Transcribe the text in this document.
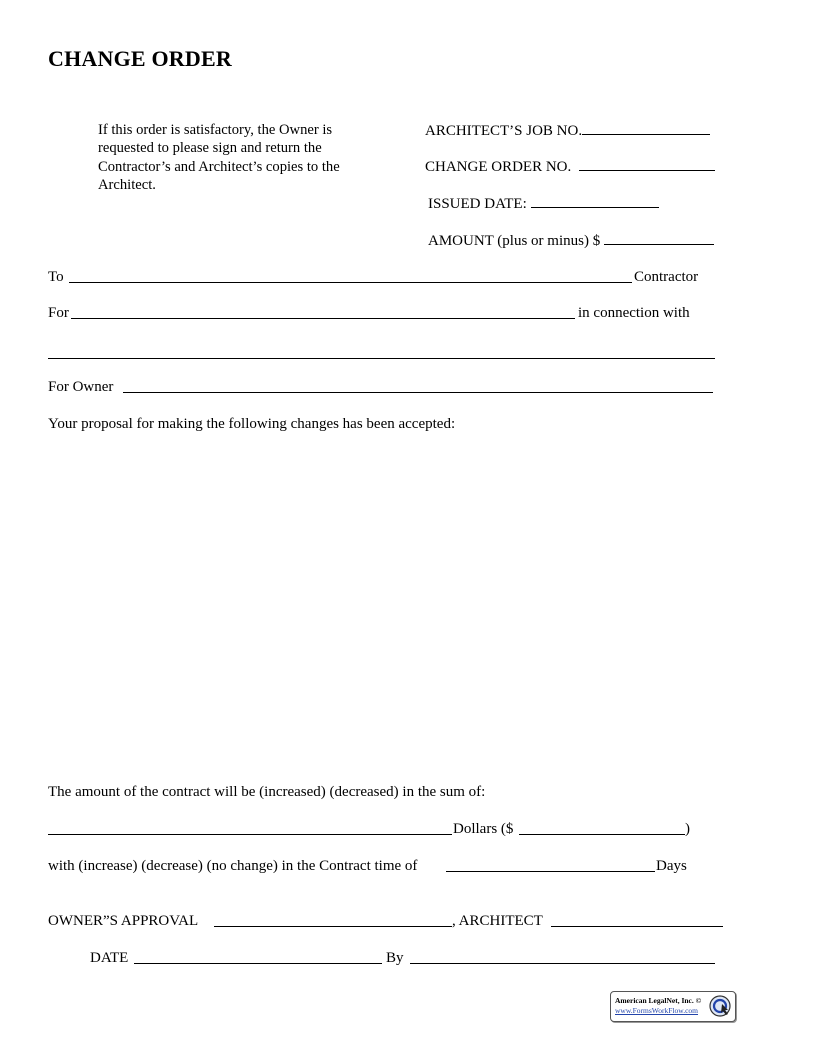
CHANGE ORDER
If this order is satisfactory, the Owner is requested to please sign and return the Contractor’s and Architect’s copies to the Architect.
ARCHITECT’S JOB NO.
CHANGE ORDER NO.
ISSUED DATE:
AMOUNT (plus or minus) $
To	Contractor
For	in connection with
For Owner
Your proposal for making the following changes has been accepted:
The amount of the contract will be (increased) (decreased) in the sum of:
Dollars ($	)
with (increase) (decrease) (no change) in the Contract time of	Days
OWNER”S APPROVAL	, ARCHITECT
DATE	By
American LegalNet, Inc. ©
www.FormsWorkFlow.com
